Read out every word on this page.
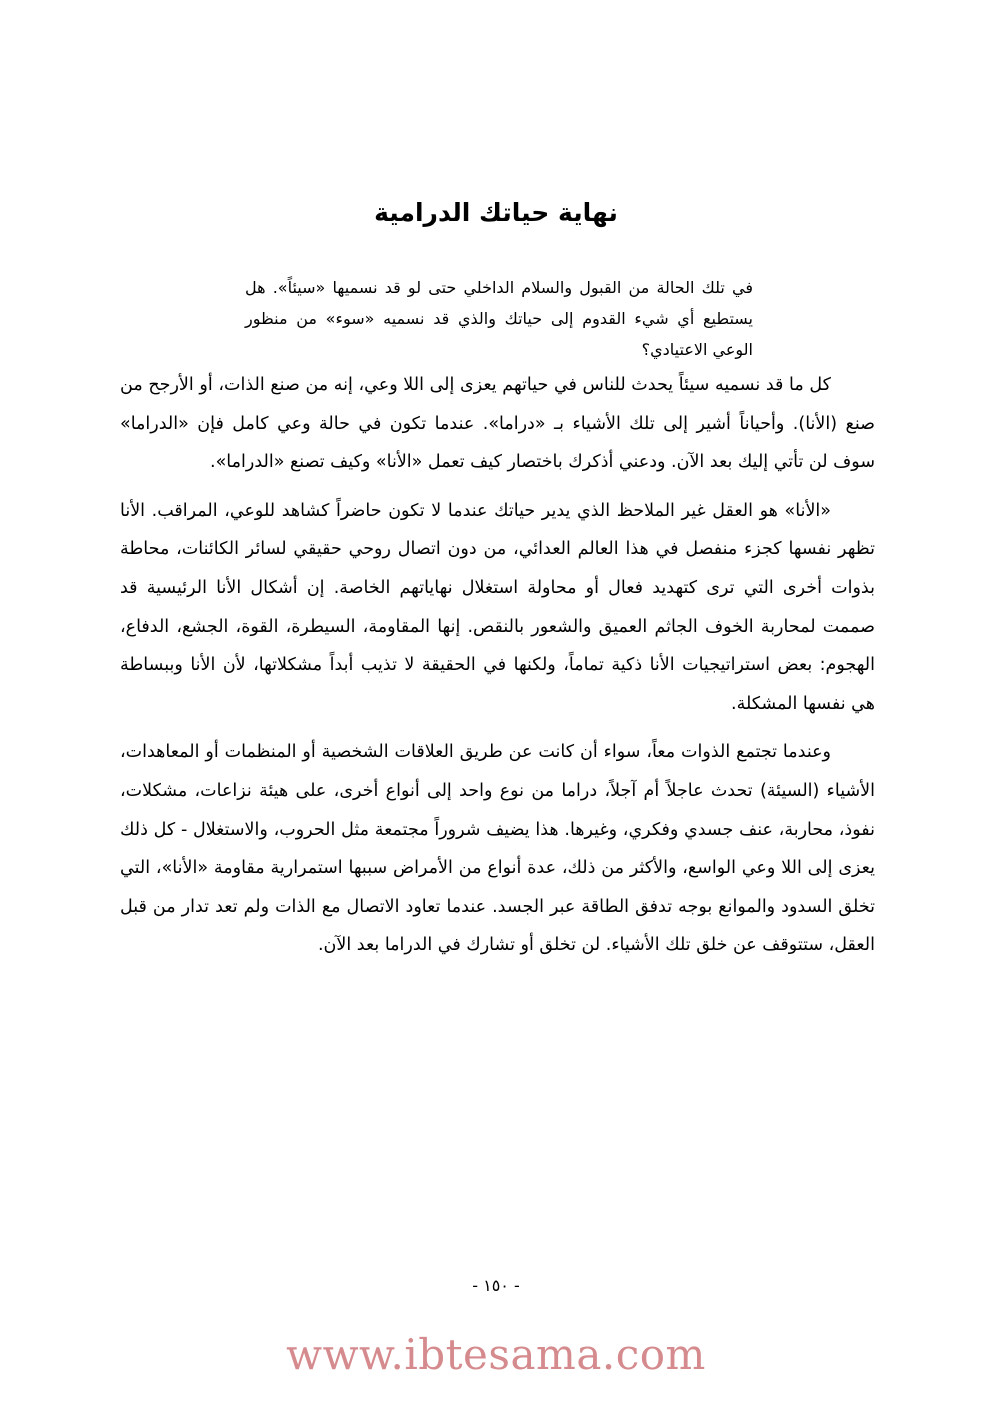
نهاية حياتك الدرامية
في تلك الحالة من القبول والسلام الداخلي حتى لو قد نسميها «سيئاً». هل يستطيع أي شيء القدوم إلى حياتك والذي قد نسميه «سوء» من منظور الوعي الاعتيادي؟

كل ما قد نسميه سيئاً يحدث للناس في حياتهم يعزى إلى اللا وعي، إنه من صنع الذات، أو الأرجح من صنع (الأنا). وأحياناً أشير إلى تلك الأشياء بـ «دراما». عندما تكون في حالة وعي كامل فإن «الدراما» سوف لن تأتي إليك بعد الآن. ودعني أذكرك باختصار كيف تعمل «الأنا» وكيف تصنع «الدراما».

«الأنا» هو العقل غير الملاحظ الذي يدير حياتك عندما لا تكون حاضراً كشاهد للوعي، المراقب. الأنا تظهر نفسها كجزء منفصل في هذا العالم العدائي، من دون اتصال روحي حقيقي لسائر الكائنات، محاطة بذوات أخرى التي ترى كتهديد فعال أو محاولة استغلال نهاياتهم الخاصة. إن أشكال الأنا الرئيسية قد صممت لمحاربة الخوف الجاثم العميق والشعور بالنقص. إنها المقاومة، السيطرة، القوة، الجشع، الدفاع، الهجوم: بعض استراتيجيات الأنا ذكية تماماً، ولكنها في الحقيقة لا تذيب أبداً مشكلاتها، لأن الأنا وببساطة هي نفسها المشكلة.

وعندما تجتمع الذوات معاً، سواء أن كانت عن طريق العلاقات الشخصية أو المنظمات أو المعاهدات، الأشياء (السيئة) تحدث عاجلاً أم آجلاً، دراما من نوع واحد إلى أنواع أخرى، على هيئة نزاعات، مشكلات، نفوذ، محاربة، عنف جسدي وفكري، وغيرها. هذا يضيف شروراً مجتمعة مثل الحروب، والاستغلال - كل ذلك يعزى إلى اللا وعي الواسع، والأكثر من ذلك، عدة أنواع من الأمراض سببها استمرارية مقاومة «الأنا»، التي تخلق السدود والموانع بوجه تدفق الطاقة عبر الجسد. عندما تعاود الاتصال مع الذات ولم تعد تدار من قبل العقل، ستتوقف عن خلق تلك الأشياء. لن تخلق أو تشارك في الدراما بعد الآن.

- ١٥٠ -
www.ibtesama.com
